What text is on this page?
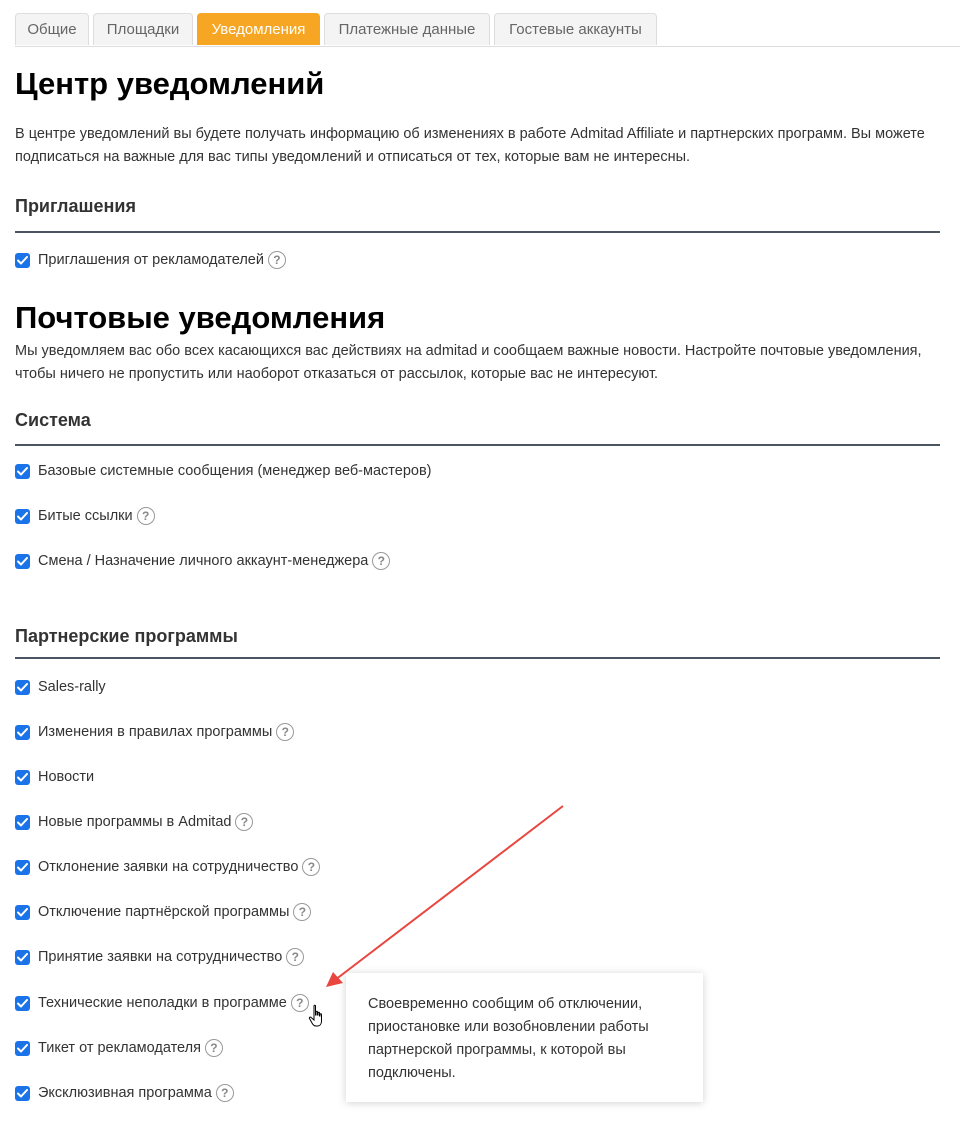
Общие	Площадки	Уведомления	Платежные данные	Гостевые аккаунты
Центр уведомлений

В центре уведомлений вы будете получать информацию об изменениях в работе Admitad Affiliate и партнерских программ. Вы можете подписаться на важные для вас типы уведомлений и отписаться от тех, которые вам не интересны.

Приглашения
Приглашения от рекламодателей ?
Почтовые уведомления

Мы уведомляем вас обо всех касающихся вас действиях на admitad и сообщаем важные новости. Настройте почтовые уведомления, чтобы ничего не пропустить или наоборот отказаться от рассылок, которые вас не интересуют.

Система
Базовые системные сообщения (менеджер веб-мастеров)
Битые ссылки ?
Смена / Назначение личного аккаунт-менеджера ?
Партнерские программы
Sales-rally
Изменения в правилах программы ?
Новости
Новые программы в Admitad ?
Отклонение заявки на сотрудничество ?
Отключение партнёрской программы ?
Принятие заявки на сотрудничество ?
Технические неполадки в программе ?
Тикет от рекламодателя ?
Эксклюзивная программа ?
Своевременно сообщим об отключении, приостановке или возобновлении работы партнерской программы, к которой вы подключены.
